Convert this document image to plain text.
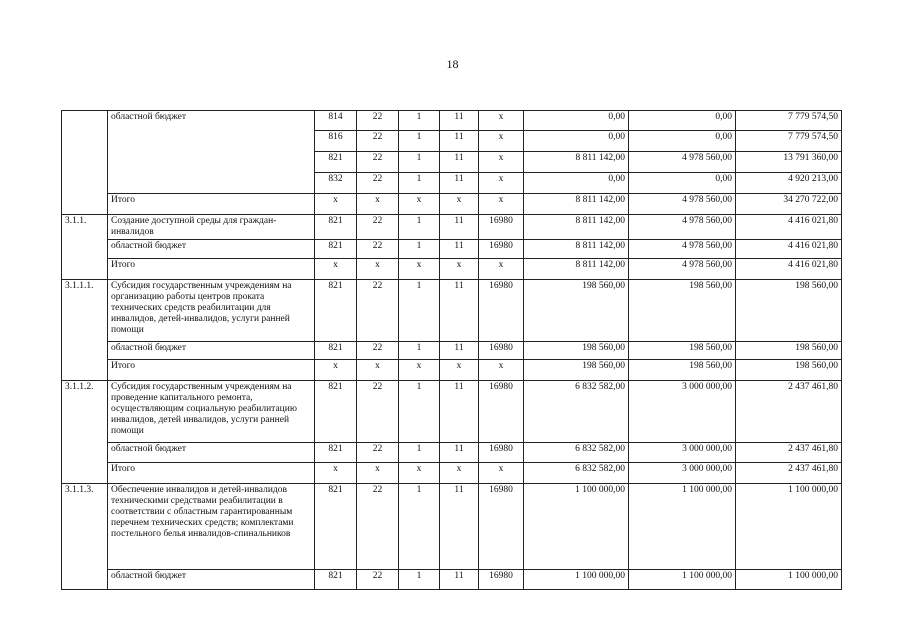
18
	областной бюджет	814	22	1	11	x	0,00	0,00	7 779 574,50
		816	22	1	11	x	0,00	0,00	7 779 574,50
		821	22	1	11	x	8 811 142,00	4 978 560,00	13 791 360,00
		832	22	1	11	x	0,00	0,00	4 920 213,00
	Итого	x	x	x	x	x	8 811 142,00	4 978 560,00	34 270 722,00
3.1.1.	Создание доступной среды для граждан-инвалидов	821	22	1	11	16980	8 811 142,00	4 978 560,00	4 416 021,80
	областной бюджет	821	22	1	11	16980	8 811 142,00	4 978 560,00	4 416 021,80
	Итого	x	x	x	x	x	8 811 142,00	4 978 560,00	4 416 021,80
3.1.1.1.	Субсидия государственным учреждениям на организацию работы центров проката технических средств реабилитации для инвалидов, детей-инвалидов, услуги ранней помощи	821	22	1	11	16980	198 560,00	198 560,00	198 560,00
	областной бюджет	821	22	1	11	16980	198 560,00	198 560,00	198 560,00
	Итого	x	x	x	x	x	198 560,00	198 560,00	198 560,00
3.1.1.2.	Субсидия государственным учреждениям на проведение капитального ремонта, осуществляющим социальную реабилитацию инвалидов, детей инвалидов, услуги ранней помощи	821	22	1	11	16980	6 832 582,00	3 000 000,00	2 437 461,80
	областной бюджет	821	22	1	11	16980	6 832 582,00	3 000 000,00	2 437 461,80
	Итого	x	x	x	x	x	6 832 582,00	3 000 000,00	2 437 461,80
3.1.1.3.	Обеспечение инвалидов и детей-инвалидов техническими средствами реабилитации в соответствии с областным гарантированным перечнем технических средств; комплектами постельного белья инвалидов-спинальников	821	22	1	11	16980	1 100 000,00	1 100 000,00	1 100 000,00
	областной бюджет	821	22	1	11	16980	1 100 000,00	1 100 000,00	1 100 000,00
